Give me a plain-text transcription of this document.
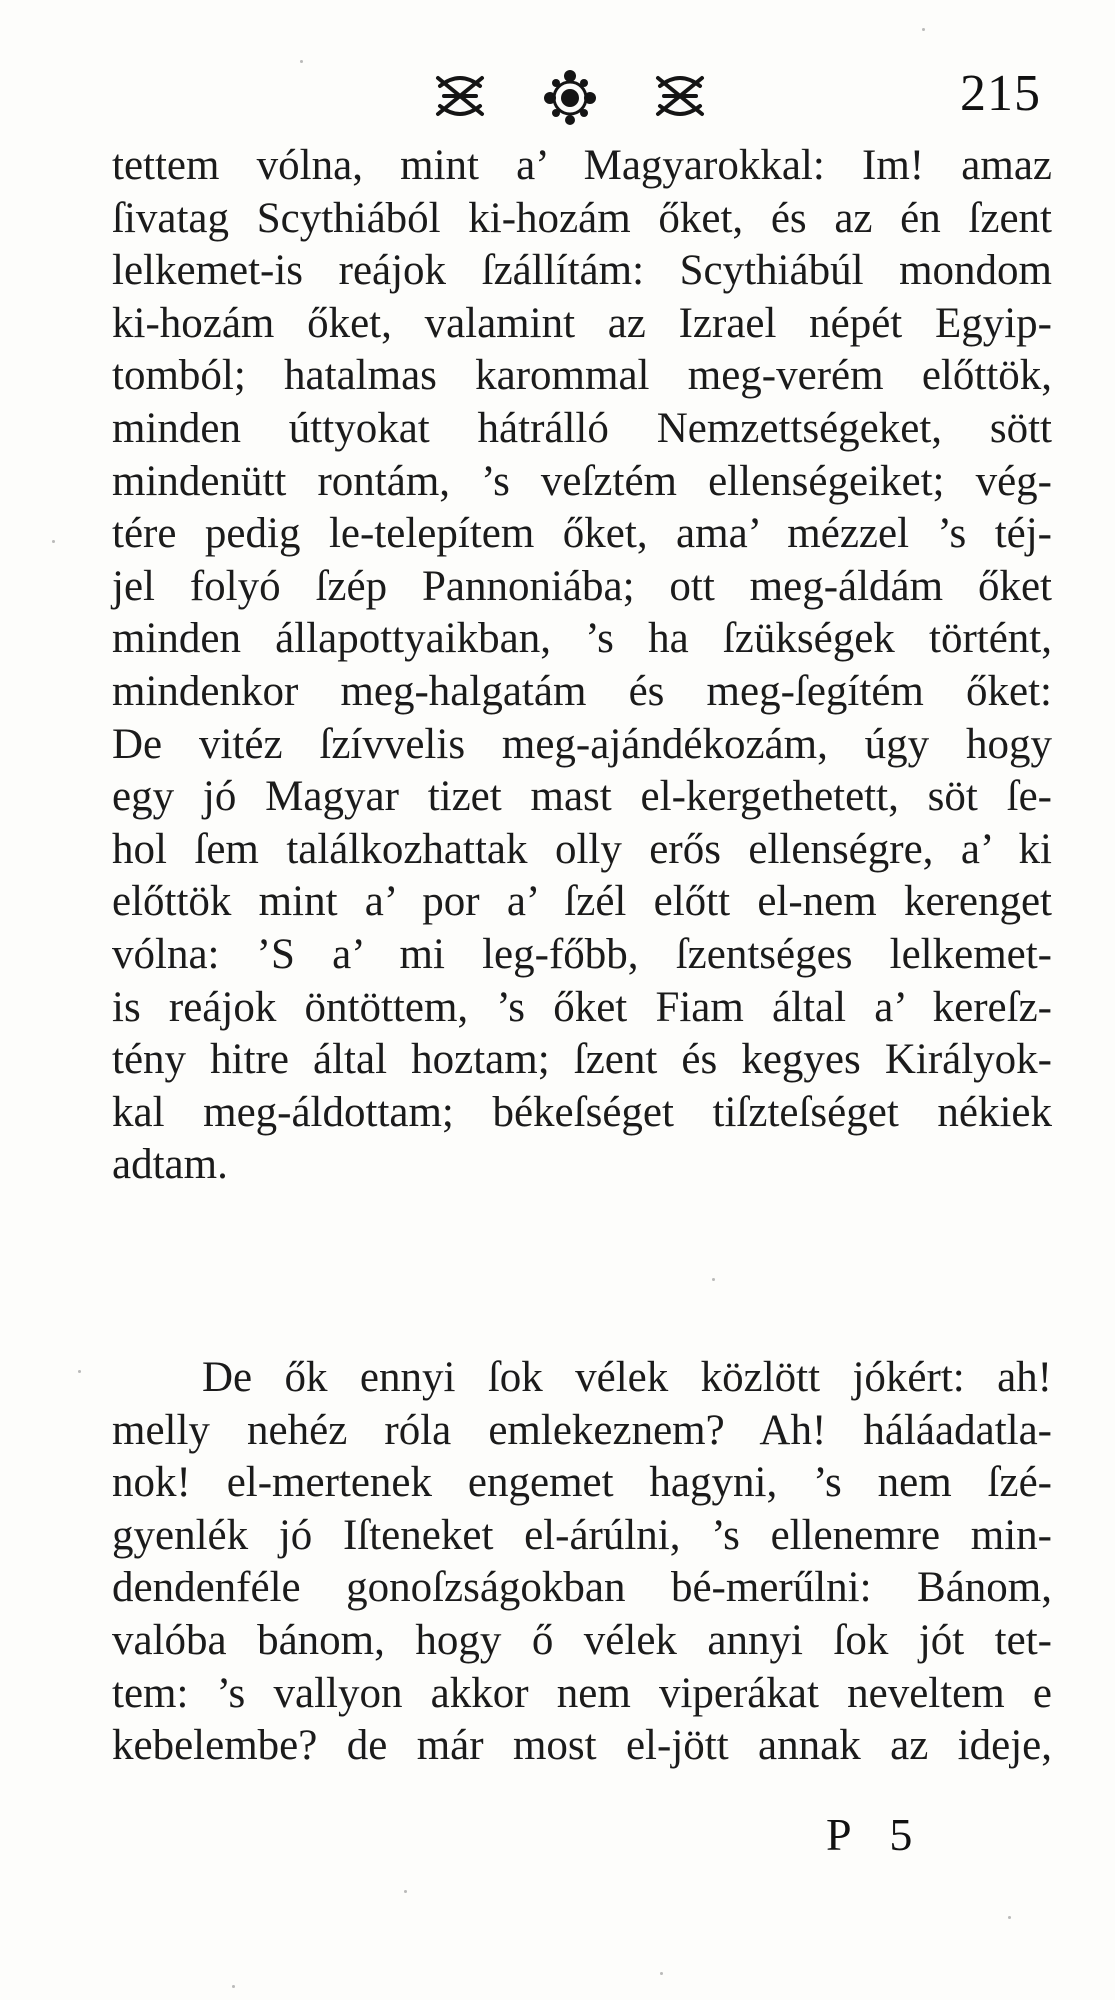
215
tettem vólna, mint a’ Magyarokkal: Im! amaz
ſivatag Scythiából ki-hozám őket, és az én ſzent
lelkemet-is reájok ſzállítám: Scythiábúl mondom
ki-hozám őket, valamint az Izrael népét Egyip-
tomból; hatalmas karommal meg-verém előttök,
minden úttyokat hátrálló Nemzettségeket, sött
mindenütt rontám, ’s veſztém ellenségeiket; vég-
tére pedig le-telepítem őket, ama’ mézzel ’s téj-
jel folyó ſzép Pannoniába; ott meg-áldám őket
minden állapottyaikban, ’s ha ſzükségek történt,
mindenkor meg-halgatám és meg-ſegítém őket:
De vitéz ſzívvelis meg-ajándékozám, úgy hogy
egy jó Magyar tizet mast el-kergethetett, söt ſe-
hol ſem találkozhattak olly erős ellenségre, a’ ki
előttök mint a’ por a’ ſzél előtt el-nem kerenget
vólna: ’S a’ mi leg-főbb, ſzentséges lelkemet-
is reájok öntöttem, ’s őket Fiam által a’ kereſz-
tény hitre által hoztam; ſzent és kegyes Királyok-
kal meg-áldottam; békeſséget tiſzteſséget nékiek
adtam.
De ők ennyi ſok vélek közlött jókért: ah!
melly nehéz róla emlekeznem? Ah! háláadatla-
nok! el-mertenek engemet hagyni, ’s nem ſzé-
gyenlék jó Iſteneket el-árúlni, ’s ellenemre min-
dendenféle gonoſzságokban bé-merűlni: Bánom,
valóba bánom, hogy ő vélek annyi ſok jót tet-
tem: ’s vallyon akkor nem viperákat neveltem e
kebelembe? de már most el-jött annak az ideje,
P 5
